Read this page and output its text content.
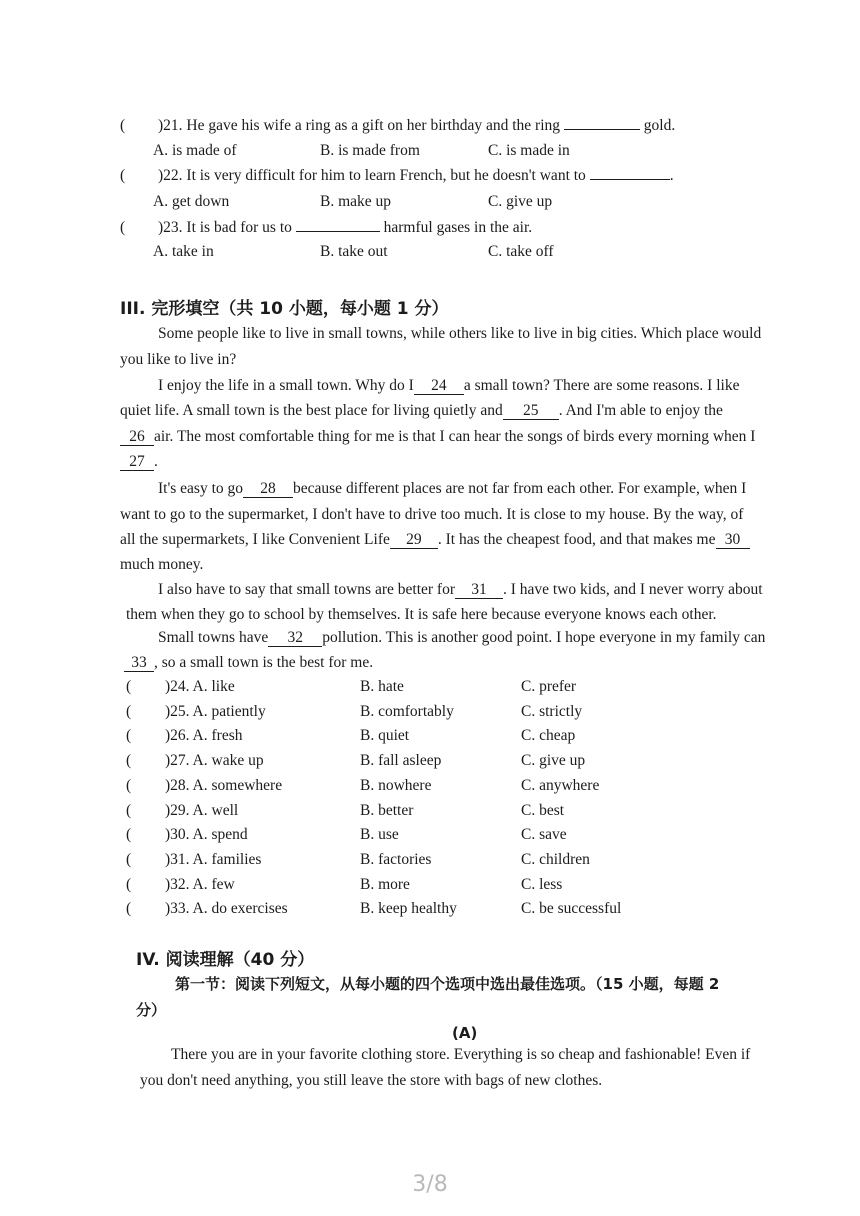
( )21. He gave his wife a ring as a gift on her birthday and the ring	gold.
A. is made of	B. is made from	C. is made in
( )22. It is very difficult for him to learn French, but he doesn't want to	.
A. get down	B. make up	C. give up
( )23. It is bad for us to	harmful gases in the air.
A. take in	B. take out	C. take off
III. 完形填空（共 10 小题，每小题 1 分）
Some people like to live in small towns, while others like to live in big cities. Which place would
you like to live in?
I enjoy the life in a small town. Why do I 24 a small town? There are some reasons. I like
quiet life. A small town is the best place for living quietly and 25 . And I'm able to enjoy the
26 air. The most comfortable thing for me is that I can hear the songs of birds every morning when I
27 .
It's easy to go 28 because different places are not far from each other. For example, when I
want to go to the supermarket, I don't have to drive too much. It is close to my house. By the way, of
all the supermarkets, I like Convenient Life 29 . It has the cheapest food, and that makes me 30
much money.
I also have to say that small towns are better for 31 . I have two kids, and I never worry about
them when they go to school by themselves. It is safe here because everyone knows each other.
Small towns have 32 pollution. This is another good point. I hope everyone in my family can
33 , so a small town is the best for me.
( )24. A. like	B. hate	C. prefer
( )25. A. patiently	B. comfortably	C. strictly
( )26. A. fresh	B. quiet	C. cheap
( )27. A. wake up	B. fall asleep	C. give up
( )28. A. somewhere	B. nowhere	C. anywhere
( )29. A. well	B. better	C. best
( )30. A. spend	B. use	C. save
( )31. A. families	B. factories	C. children
( )32. A. few	B. more	C. less
( )33. A. do exercises	B. keep healthy	C. be successful
IV. 阅读理解（40 分）
第一节：阅读下列短文，从每小题的四个选项中选出最佳选项。（15 小题，每题 2
分）
(A)
There you are in your favorite clothing store. Everything is so cheap and fashionable! Even if
you don't need anything, you still leave the store with bags of new clothes.
3/8
